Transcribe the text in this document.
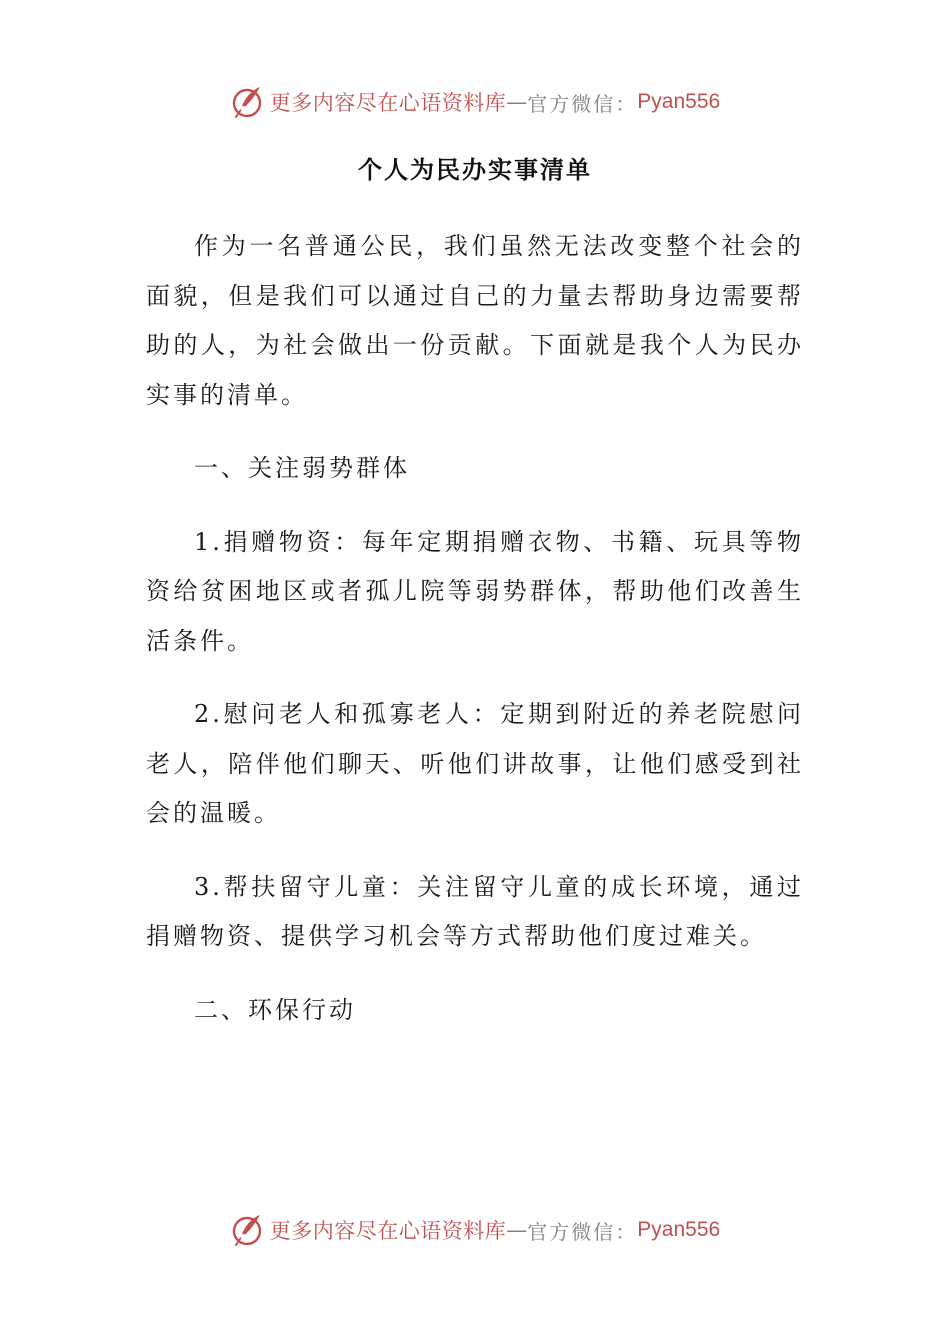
更多内容尽在心语资料库 — 官方微信： Pyan556
个人为民办实事清单

作为一名普通公民，我们虽然无法改变整个社会的面貌，但是我们可以通过自己的力量去帮助身边需要帮助的人，为社会做出一份贡献。下面就是我个人为民办实事的清单。

一、关注弱势群体

1.捐赠物资：每年定期捐赠衣物、书籍、玩具等物资给贫困地区或者孤儿院等弱势群体，帮助他们改善生活条件。

2.慰问老人和孤寡老人：定期到附近的养老院慰问老人，陪伴他们聊天、听他们讲故事，让他们感受到社会的温暖。

3.帮扶留守儿童：关注留守儿童的成长环境，通过捐赠物资、提供学习机会等方式帮助他们度过难关。

二、环保行动

更多内容尽在心语资料库 — 官方微信： Pyan556
